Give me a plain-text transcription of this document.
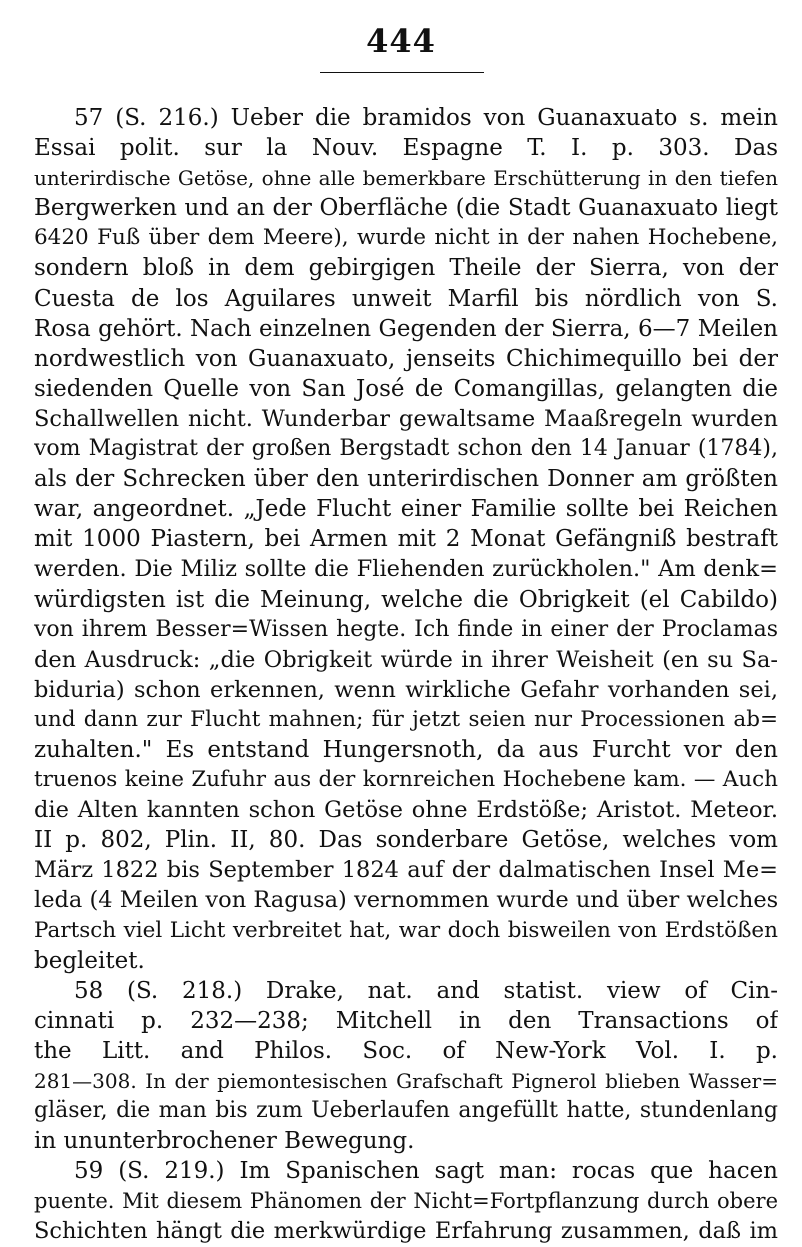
444
57 (S. 216.) Ueber die bramidos von Guanaxuato s. mein
Essai polit. sur la Nouv. Espagne T. I. p. 303. Das
unterirdische Getöse, ohne alle bemerkbare Erschütterung in den tiefen
Bergwerken und an der Oberfläche (die Stadt Guanaxuato liegt
6420 Fuß über dem Meere), wurde nicht in der nahen Hochebene,
sondern bloß in dem gebirgigen Theile der Sierra, von der
Cuesta de los Aguilares unweit Marfil bis nördlich von S.
Rosa gehört. Nach einzelnen Gegenden der Sierra, 6—7 Meilen
nordwestlich von Guanaxuato, jenseits Chichimequillo bei der
siedenden Quelle von San José de Comangillas, gelangten die
Schallwellen nicht. Wunderbar gewaltsame Maaßregeln wurden
vom Magistrat der großen Bergstadt schon den 14 Januar (1784),
als der Schrecken über den unterirdischen Donner am größten
war, angeordnet. „Jede Flucht einer Familie sollte bei Reichen
mit 1000 Piastern, bei Armen mit 2 Monat Gefängniß bestraft
werden. Die Miliz sollte die Fliehenden zurückholen." Am denk=
würdigsten ist die Meinung, welche die Obrigkeit (el Cabildo)
von ihrem Besser=Wissen hegte. Ich finde in einer der Proclamas
den Ausdruck: „die Obrigkeit würde in ihrer Weisheit (en su Sa-
biduria) schon erkennen, wenn wirkliche Gefahr vorhanden sei,
und dann zur Flucht mahnen; für jetzt seien nur Processionen ab=
zuhalten." Es entstand Hungersnoth, da aus Furcht vor den
truenos keine Zufuhr aus der kornreichen Hochebene kam. — Auch
die Alten kannten schon Getöse ohne Erdstöße; Aristot. Meteor.
II p. 802, Plin. II, 80. Das sonderbare Getöse, welches vom
März 1822 bis September 1824 auf der dalmatischen Insel Me=
leda (4 Meilen von Ragusa) vernommen wurde und über welches
Partsch viel Licht verbreitet hat, war doch bisweilen von Erdstößen
begleitet.
58 (S. 218.) Drake, nat. and statist. view of Cin-
cinnati p. 232—238; Mitchell in den Transactions of
the Litt. and Philos. Soc. of New-York Vol. I. p.
281—308. In der piemontesischen Grafschaft Pignerol blieben Wasser=
gläser, die man bis zum Ueberlaufen angefüllt hatte, stundenlang
in ununterbrochener Bewegung.
59 (S. 219.) Im Spanischen sagt man: rocas que hacen
puente. Mit diesem Phänomen der Nicht=Fortpflanzung durch obere
Schichten hängt die merkwürdige Erfahrung zusammen, daß im
